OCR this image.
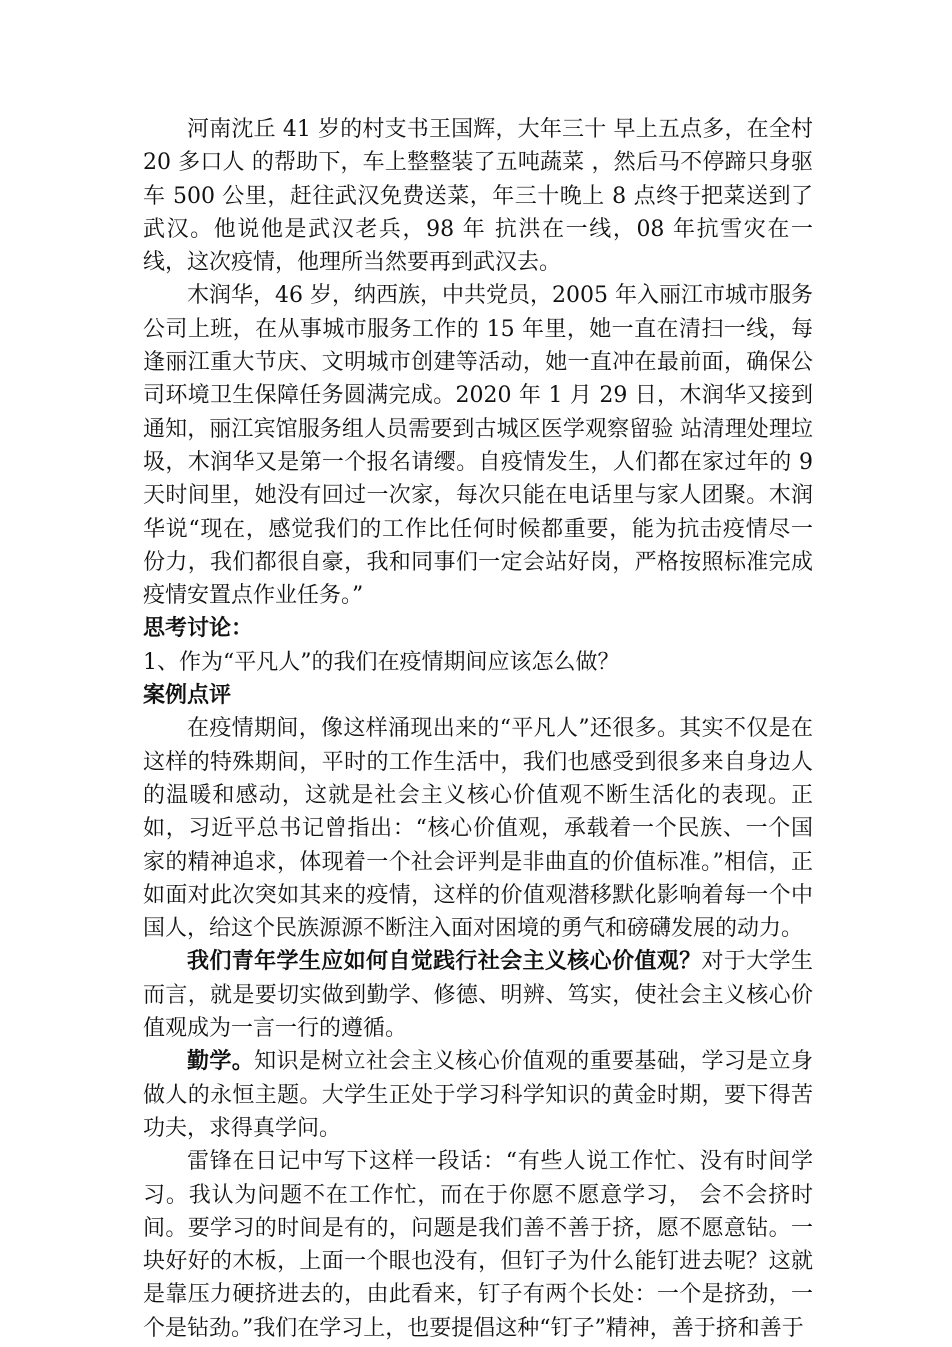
河南沈丘 41 岁的村支书王国辉，大年三十 早上五点多，在全村 20 多口人 的帮助下，车上整整装了五吨蔬菜 ，然后马不停蹄只身驱车 500 公里，赶往武汉免费送菜，年三十晚上 8 点终于把菜送到了武汉。他说他是武汉老兵，98 年 抗洪在一线，08 年抗雪灾在一线，这次疫情，他理所当然要再到武汉去。

木润华，46 岁，纳西族，中共党员，2005 年入丽江市城市服务公司上班，在从事城市服务工作的 15 年里，她一直在清扫一线，每逢丽江重大节庆、文明城市创建等活动，她一直冲在最前面，确保公司环境卫生保障任务圆满完成。2020 年 1 月 29 日，木润华又接到通知，丽江宾馆服务组人员需要到古城区医学观察留验 站清理处理垃圾，木润华又是第一个报名请缨。自疫情发生，人们都在家过年的 9 天时间里，她没有回过一次家，每次只能在电话里与家人团聚。木润华说“现在，感觉我们的工作比任何时候都重要，能为抗击疫情尽一份力，我们都很自豪，我和同事们一定会站好岗，严格按照标准完成疫情安置点作业任务。”

思考讨论：

1、作为“平凡人”的我们在疫情期间应该怎么做？

案例点评

在疫情期间，像这样涌现出来的“平凡人”还很多。其实不仅是在这样的特殊期间，平时的工作生活中，我们也感受到很多来自身边人的温暖和感动，这就是社会主义核心价值观不断生活化的表现。正如，习近平总书记曾指出：“核心价值观，承载着一个民族、一个国家的精神追求，体现着一个社会评判是非曲直的价值标准。”相信，正如面对此次突如其来的疫情，这样的价值观潜移默化影响着每一个中国人，给这个民族源源不断注入面对困境的勇气和磅礴发展的动力。

我们青年学生应如何自觉践行社会主义核心价值观？对于大学生而言，就是要切实做到勤学、修德、明辨、笃实，使社会主义核心价值观成为一言一行的遵循。

勤学。知识是树立社会主义核心价值观的重要基础，学习是立身做人的永恒主题。大学生正处于学习科学知识的黄金时期，要下得苦功夫，求得真学问。

雷锋在日记中写下这样一段话：“有些人说工作忙、没有时间学习。我认为问题不在工作忙，而在于你愿不愿意学习， 会不会挤时间。要学习的时间是有的，问题是我们善不善于挤，愿不愿意钻。一块好好的木板，上面一个眼也没有，但钉子为什么能钉进去呢？这就是靠压力硬挤进去的，由此看来，钉子有两个长处：一个是挤劲，一个是钻劲。”我们在学习上，也要提倡这种“钉子”精神，善于挤和善于
